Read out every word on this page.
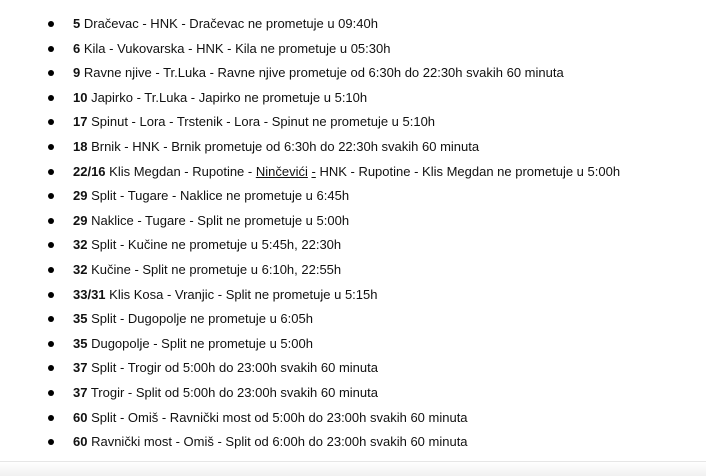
5 Dračevac - HNK - Dračevac ne prometuje u 09:40h
6 Kila - Vukovarska - HNK - Kila ne prometuje u 05:30h
9 Ravne njive - Tr.Luka - Ravne njive prometuje od 6:30h do 22:30h svakih 60 minuta
10 Japirko - Tr.Luka - Japirko ne prometuje u 5:10h
17 Spinut - Lora - Trstenik - Lora - Spinut ne prometuje u 5:10h
18 Brnik - HNK - Brnik prometuje od 6:30h do 22:30h svakih 60 minuta
22/16 Klis Megdan - Rupotine - Ninčevići - HNK - Rupotine - Klis Megdan ne prometuje u 5:00h
29 Split - Tugare - Naklice ne prometuje u 6:45h
29 Naklice - Tugare - Split ne prometuje u 5:00h
32 Split - Kučine ne prometuje u 5:45h, 22:30h
32 Kučine - Split ne prometuje u 6:10h, 22:55h
33/31 Klis Kosa - Vranjic - Split ne prometuje u 5:15h
35 Split - Dugopolje ne prometuje u 6:05h
35 Dugopolje - Split ne prometuje u 5:00h
37 Split - Trogir od 5:00h do 23:00h svakih 60 minuta
37 Trogir - Split od 5:00h do 23:00h svakih 60 minuta
60 Split - Omiš - Ravnički most od 5:00h do 23:00h svakih 60 minuta
60 Ravnički most - Omiš - Split od 6:00h do 23:00h svakih 60 minuta
